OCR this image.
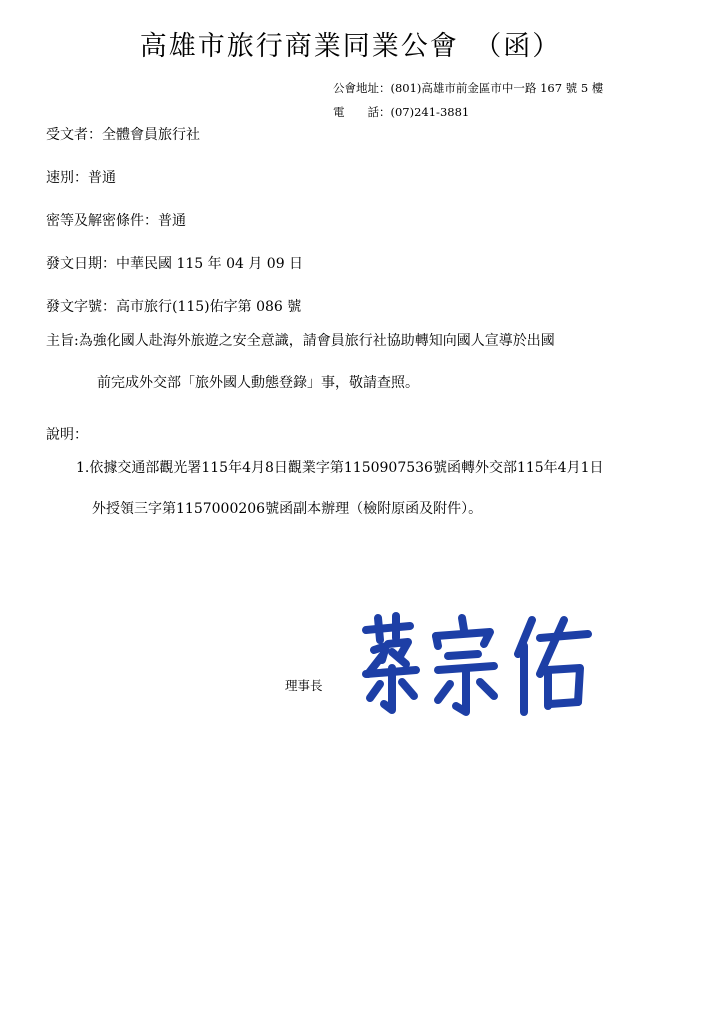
高雄市旅行商業同業公會　（函）
公會地址：(801)高雄市前金區市中一路 167 號 5 樓
電　　話：(07)241-3881
受文者：全體會員旅行社
速別：普通
密等及解密條件：普通
發文日期：中華民國 115 年 04 月 09 日
發文字號：高市旅行(115)佑字第 086 號
主旨:為強化國人赴海外旅遊之安全意識，請會員旅行社協助轉知向國人宣導於出國
前完成外交部「旅外國人動態登錄」事，敬請查照。
說明：
1.依據交通部觀光署115年4月8日觀業字第1150907536號函轉外交部115年4月1日
外授領三字第1157000206號函副本辦理（檢附原函及附件）。
理事長
